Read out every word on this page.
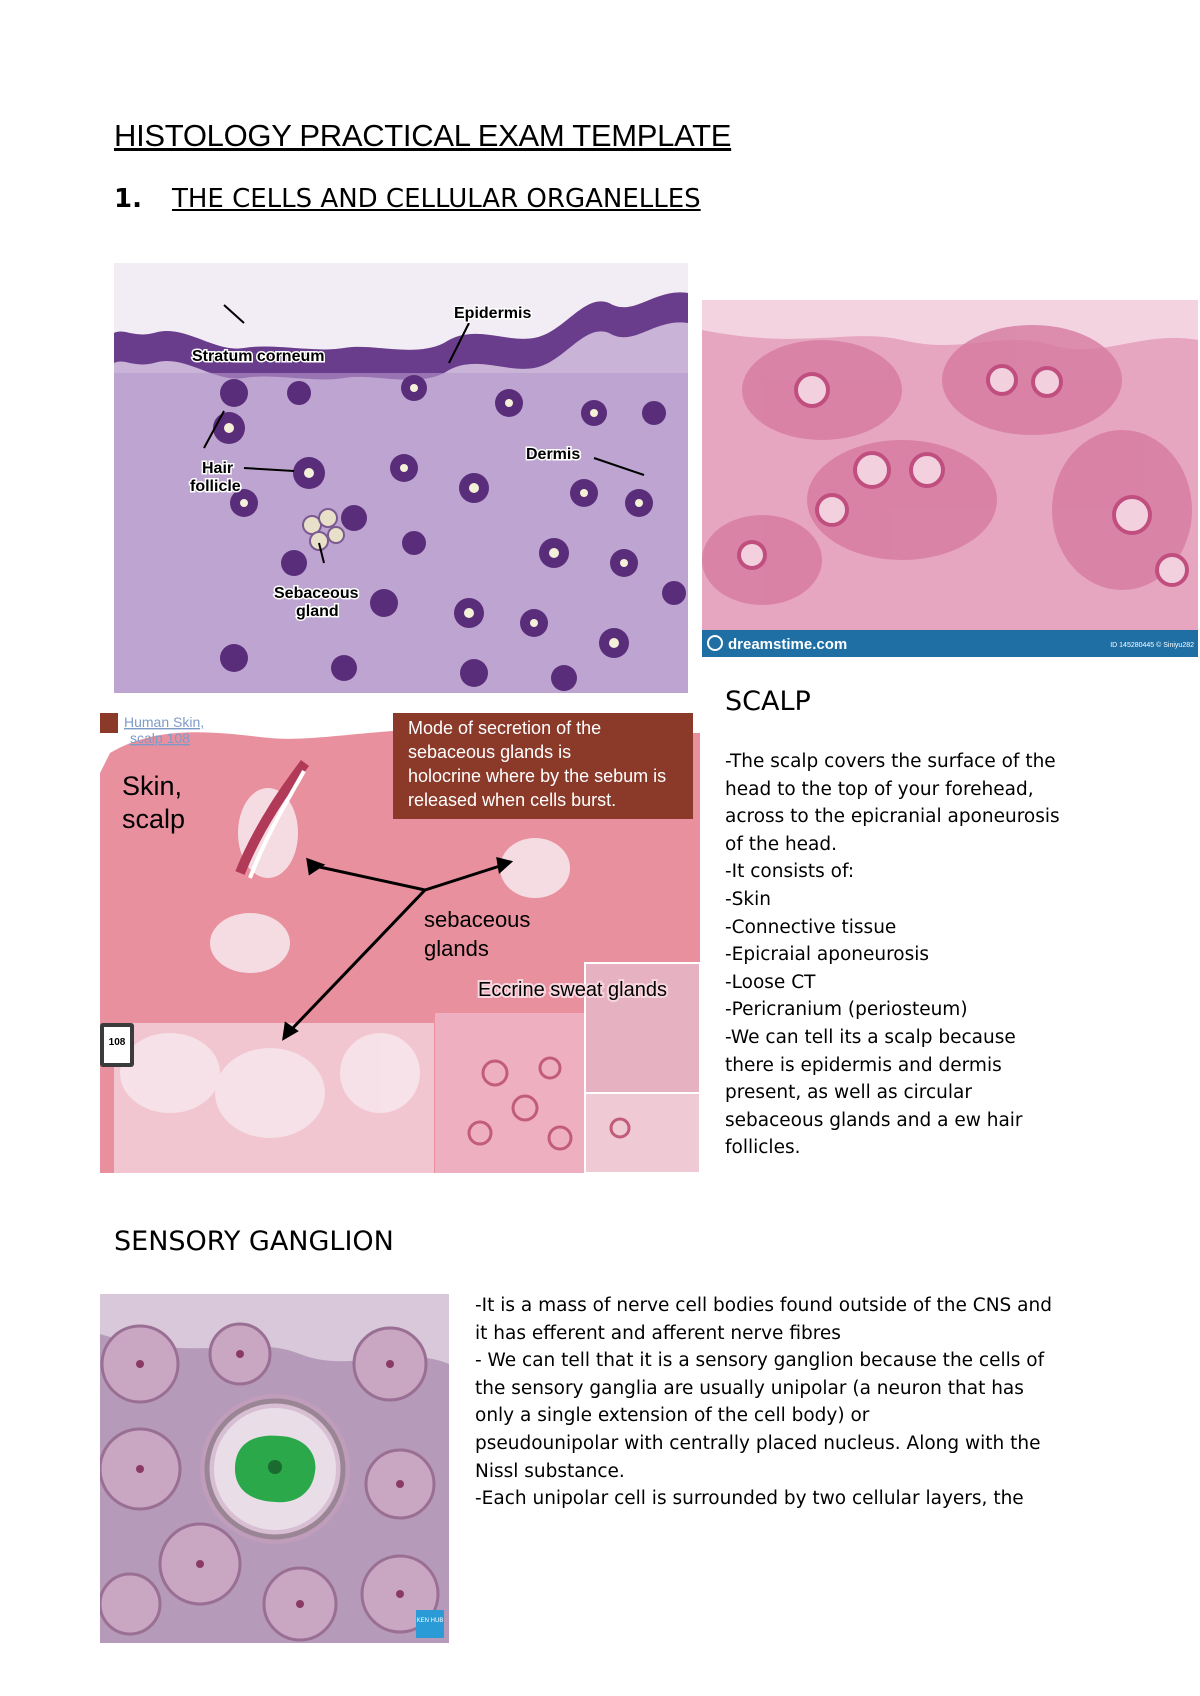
HISTOLOGY PRACTICAL EXAM TEMPLATE
1. THE CELLS AND CELLULAR ORGANELLES
Stratum corneum
Epidermis
Hair
follicle
Dermis
Sebaceous
gland
dreamstime.com	ID 145280445 © Siniyu282
Human Skin,
scalp 108
Skin,
scalp
Mode of secretion of the
sebaceous glands is
holocrine where by the sebum is
released when cells burst.
sebaceous
glands
Eccrine sweat glands
108
SCALP
-The scalp covers the surface of the
head to the top of your forehead,
across to the epicranial aponeurosis
of the head.
-It consists of:
-Skin
-Connective tissue
-Epicraial aponeurosis
-Loose CT
-Pericranium (periosteum)
-We can tell its a scalp because
there is epidermis and dermis
present, as well as circular
sebaceous glands and a ew hair
follicles.
SENSORY GANGLION
KEN HUB
-It is a mass of nerve cell bodies found outside of the CNS and
it has efferent and afferent nerve fibres
- We can tell that it is a sensory ganglion because the cells of
the sensory ganglia are usually unipolar (a neuron that has
only a single extension of the cell body) or
pseudounipolar with centrally placed nucleus. Along with the
Nissl substance.
-Each unipolar cell is surrounded by two cellular layers, the
